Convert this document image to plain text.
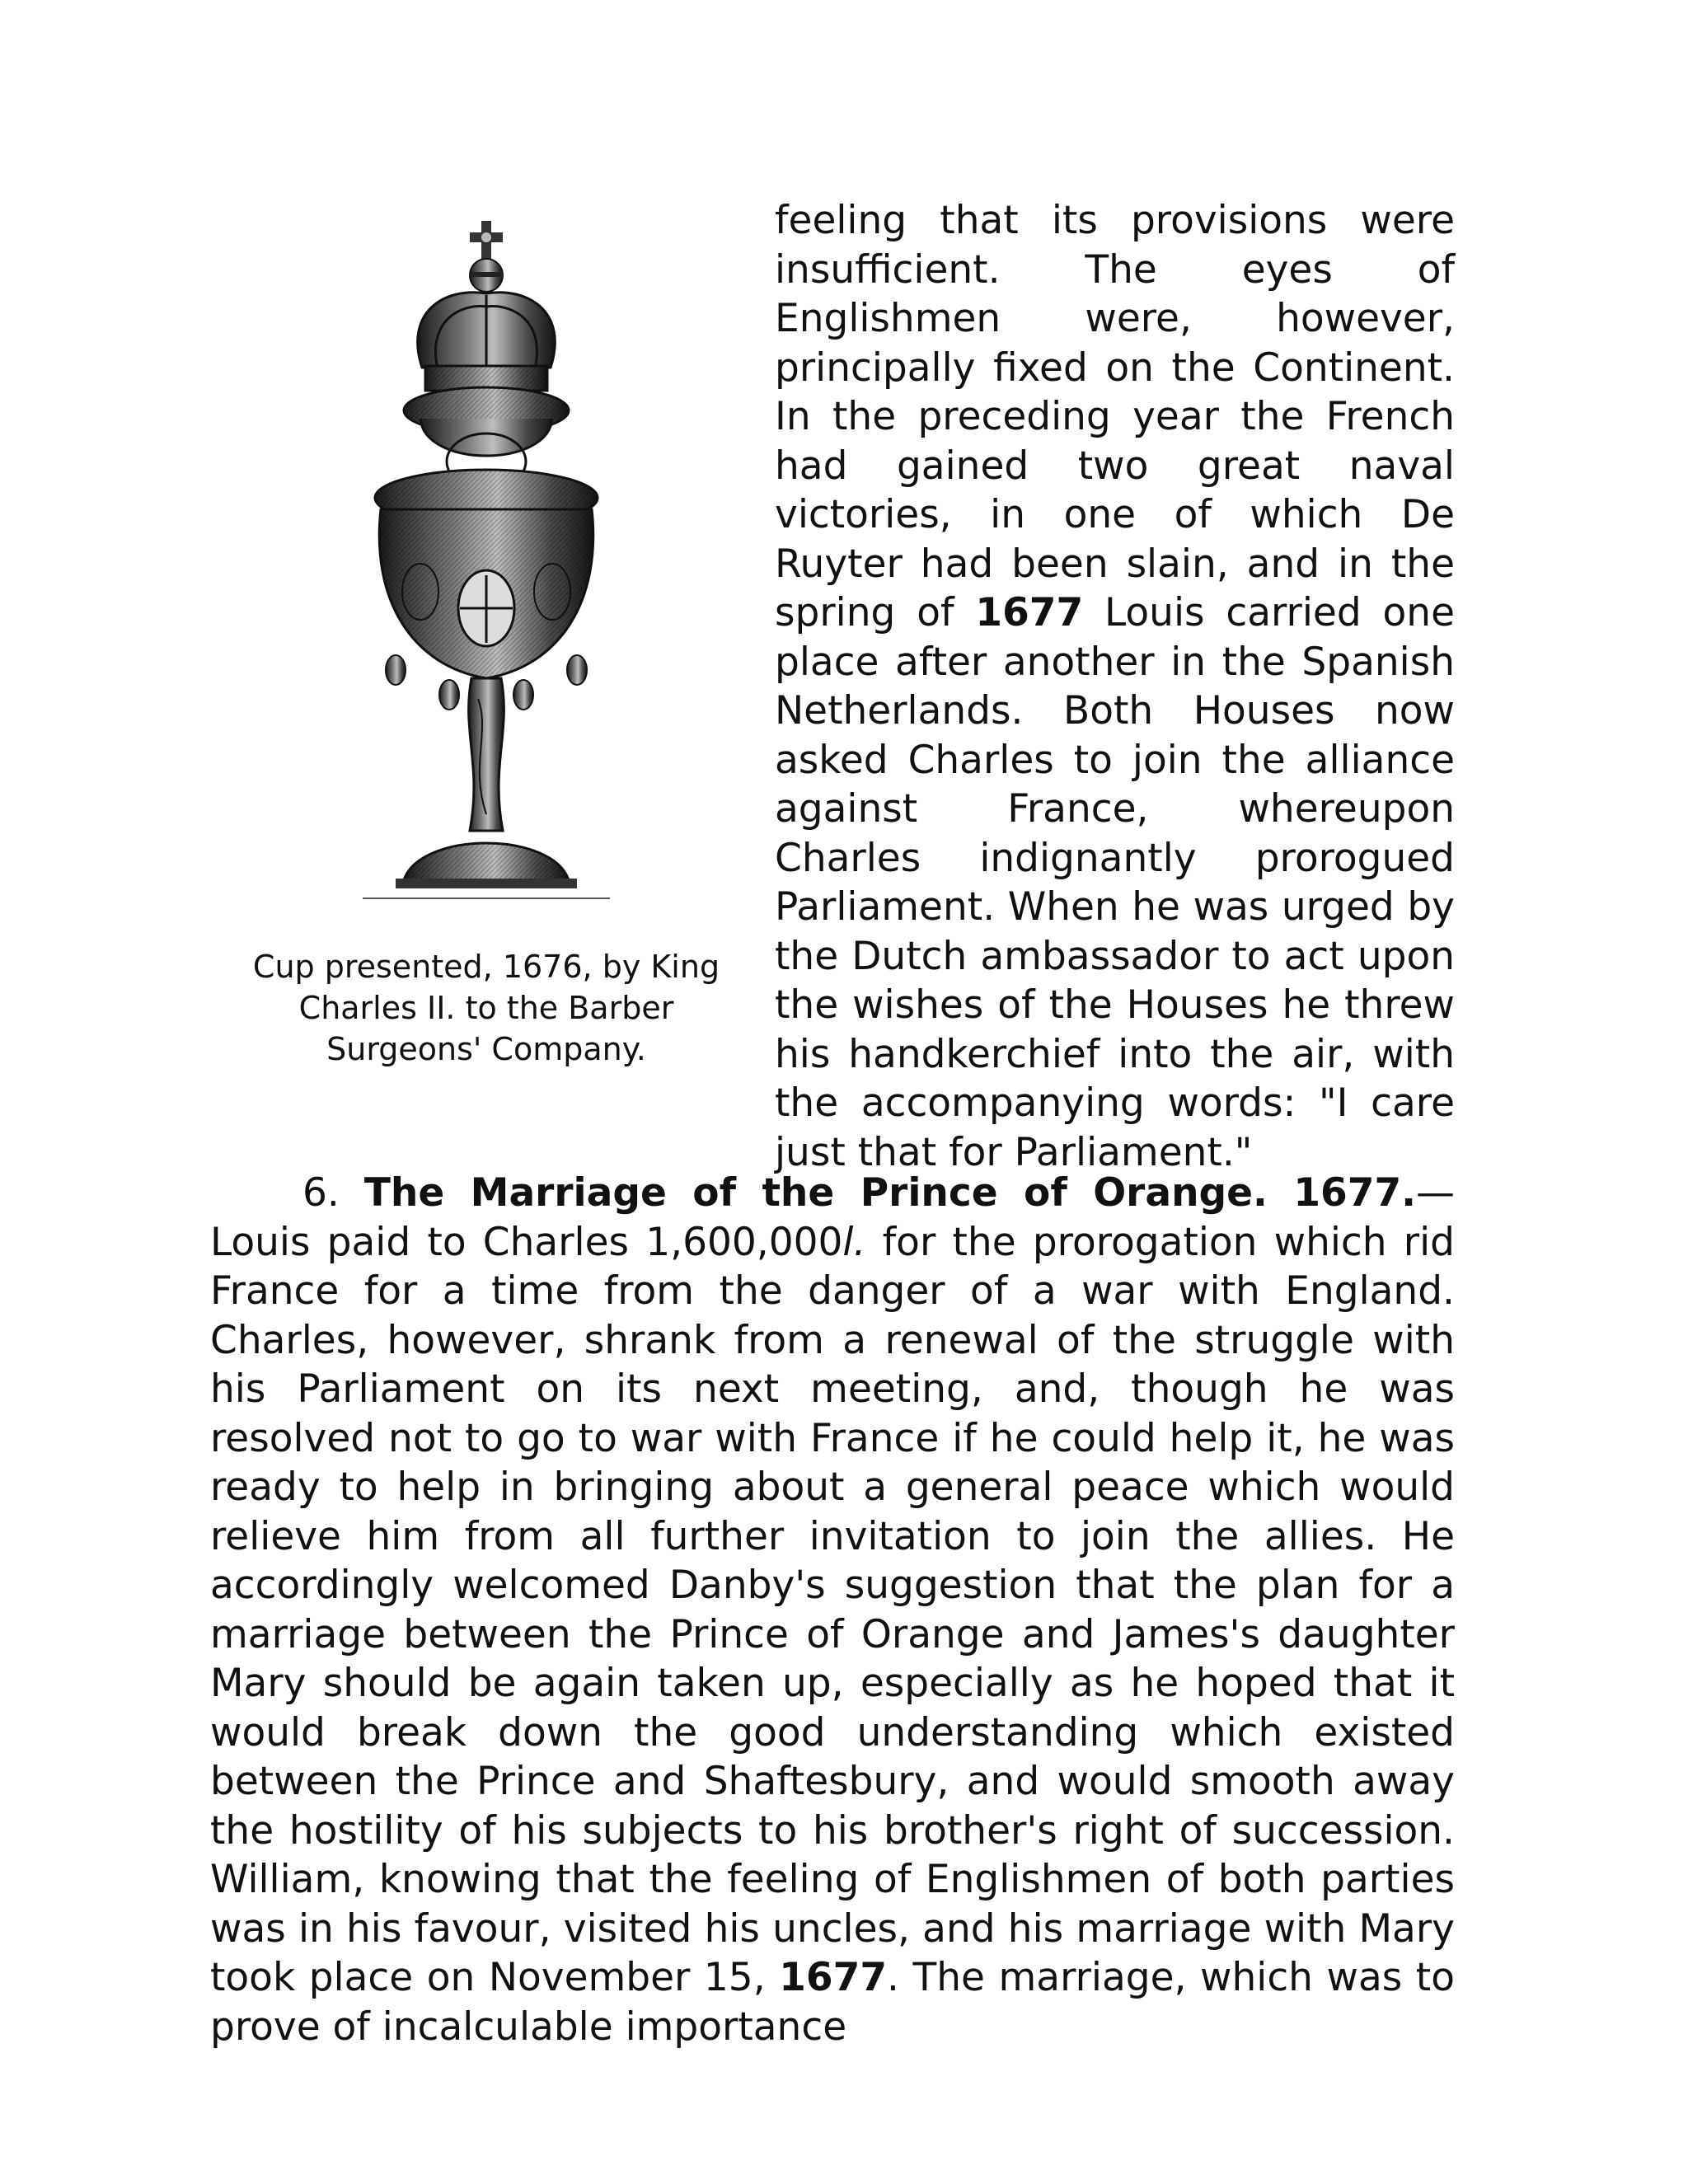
Cup presented, 1676, by King Charles II. to the Barber Surgeons' Company.

feeling that its provisions were insufficient. The eyes of Englishmen were, however, principally fixed on the Continent. In the preceding year the French had gained two great naval victories, in one of which De Ruyter had been slain, and in the spring of 1677 Louis carried one place after another in the Spanish Netherlands. Both Houses now asked Charles to join the alliance against France, whereupon Charles indignantly prorogued Parliament. When he was urged by the Dutch ambassador to act upon the wishes of the Houses he threw his handkerchief into the air, with the accompanying words: "I care just that for Parliament."

6. The Marriage of the Prince of Orange. 1677.—Louis paid to Charles 1,600,000l. for the prorogation which rid France for a time from the danger of a war with England. Charles, however, shrank from a renewal of the struggle with his Parliament on its next meeting, and, though he was resolved not to go to war with France if he could help it, he was ready to help in bringing about a general peace which would relieve him from all further invitation to join the allies. He accordingly welcomed Danby's suggestion that the plan for a marriage between the Prince of Orange and James's daughter Mary should be again taken up, especially as he hoped that it would break down the good understanding which existed between the Prince and Shaftesbury, and would smooth away the hostility of his subjects to his brother's right of succession. William, knowing that the feeling of Englishmen of both parties was in his favour, visited his uncles, and his marriage with Mary took place on November 15, 1677. The marriage, which was to prove of incalculable importance
